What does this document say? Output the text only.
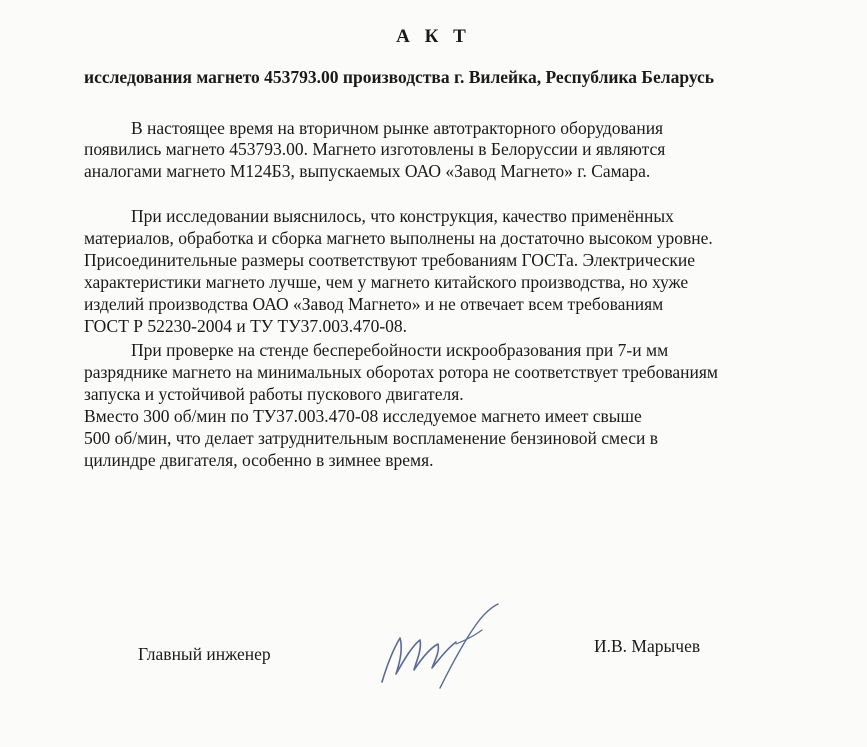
А К Т
исследования магнето 453793.00 производства г. Вилейка, Республика Беларусь
В настоящее время на вторичном рынке автотракторного оборудования
появились магнето 453793.00. Магнето изготовлены в Белоруссии и являются
аналогами магнето М124Б3, выпускаемых ОАО «Завод Магнето» г. Самара.
При исследовании выяснилось, что конструкция, качество применённых
материалов, обработка и сборка магнето выполнены на достаточно высоком уровне.
Присоединительные размеры соответствуют требованиям ГОСТа. Электрические
характеристики магнето лучше, чем у магнето китайского производства, но хуже
изделий производства ОАО «Завод Магнето» и не отвечает всем требованиям
ГОСТ Р 52230-2004 и ТУ ТУ37.003.470-08.
При проверке на стенде бесперебойности искрообразования при 7-и мм
разряднике магнето на минимальных оборотах ротора не соответствует требованиям
запуска и устойчивой работы пускового двигателя.
Вместо 300 об/мин по ТУ37.003.470-08 исследуемое магнето имеет свыше
500 об/мин, что делает затруднительным воспламенение бензиновой смеси в
цилиндре двигателя, особенно в зимнее время.
Главный инженер	И.В. Марычев
